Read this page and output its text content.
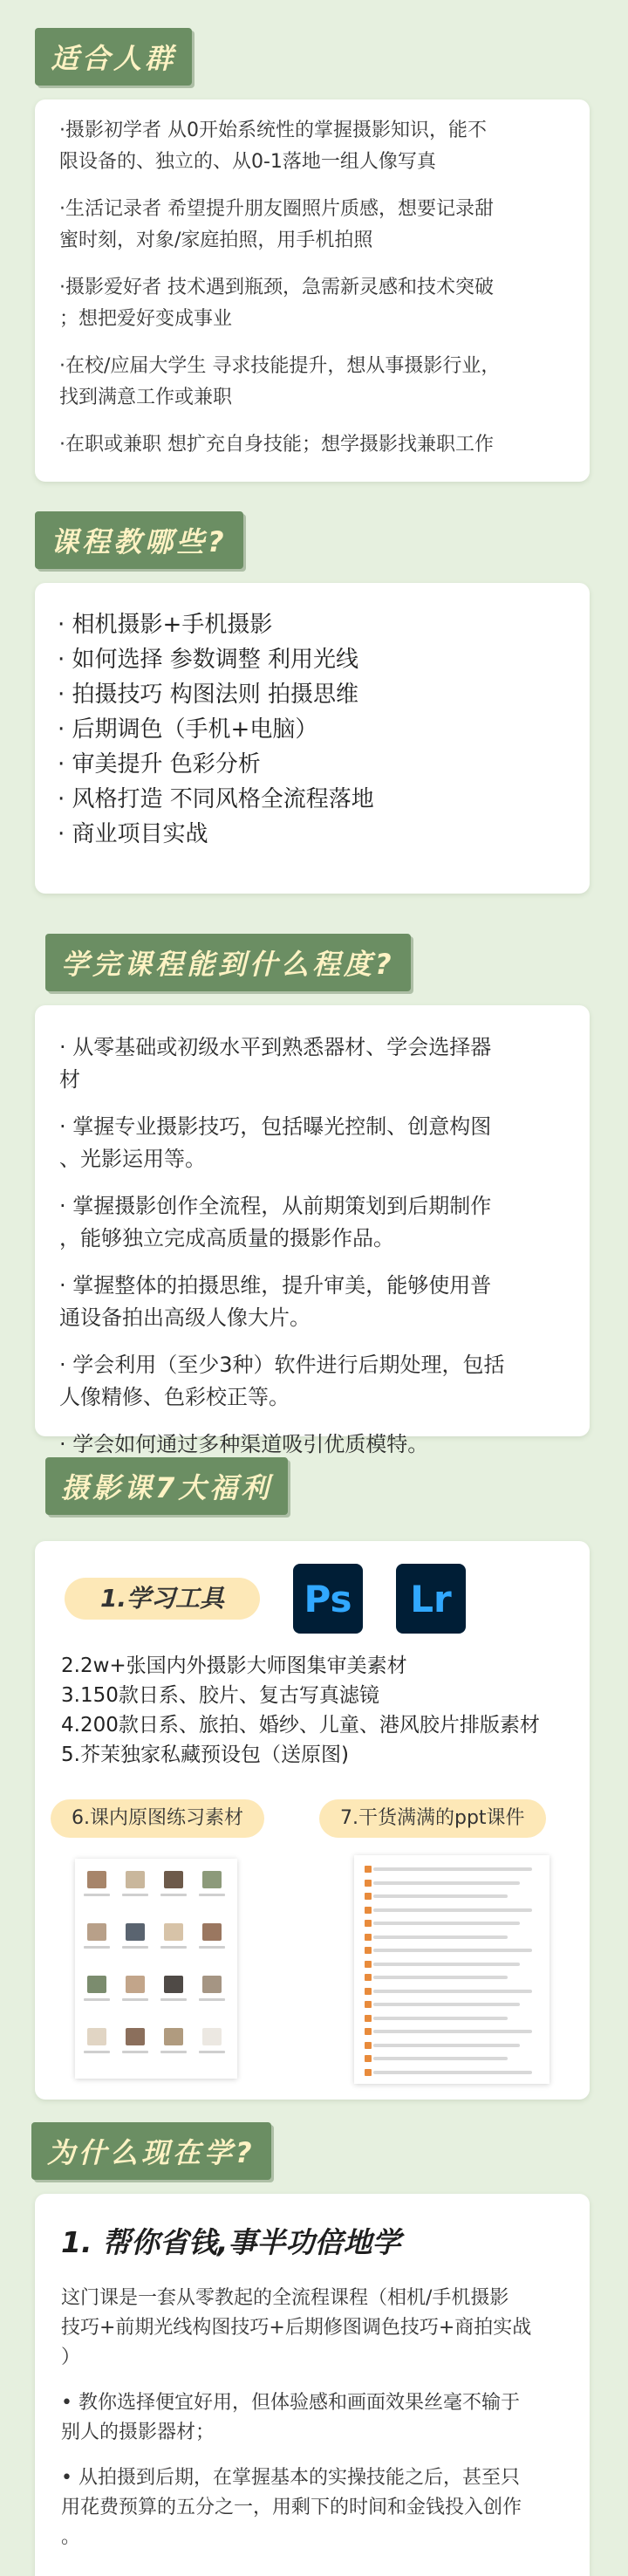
适合人群
·摄影初学者 从0开始系统性的掌握摄影知识，能不
限设备的、独立的、从0-1落地一组人像写真
·生活记录者 希望提升朋友圈照片质感，想要记录甜
蜜时刻，对象/家庭拍照，用手机拍照
·摄影爱好者 技术遇到瓶颈，急需新灵感和技术突破
；想把爱好变成事业
·在校/应届大学生 寻求技能提升，想从事摄影行业，
找到满意工作或兼职
·在职或兼职 想扩充自身技能；想学摄影找兼职工作
课程教哪些?
· 相机摄影+手机摄影
· 如何选择 参数调整 利用光线
· 拍摄技巧 构图法则 拍摄思维
· 后期调色（手机+电脑）
· 审美提升 色彩分析
· 风格打造 不同风格全流程落地
· 商业项目实战
学完课程能到什么程度?
· 从零基础或初级水平到熟悉器材、学会选择器
材
· 掌握专业摄影技巧，包括曝光控制、创意构图
、光影运用等。
· 掌握摄影创作全流程，从前期策划到后期制作
，能够独立完成高质量的摄影作品。
· 掌握整体的拍摄思维，提升审美，能够使用普
通设备拍出高级人像大片。
· 学会利用（至少3种）软件进行后期处理，包括
人像精修、色彩校正等。
· 学会如何通过多种渠道吸引优质模特。
摄影课7大福利
1.学习工具	Ps	Lr
2.2w+张国内外摄影大师图集审美素材
3.150款日系、胶片、复古写真滤镜
4.200款日系、旅拍、婚纱、儿童、港风胶片排版素材
5.芥茉独家私藏预设包（送原图)
6.课内原图练习素材	7.干货满满的ppt课件
为什么现在学?
1. 帮你省钱,事半功倍地学
这门课是一套从零教起的全流程课程（相机/手机摄影
技巧+前期光线构图技巧+后期修图调色技巧+商拍实战
）
• 教你选择便宜好用，但体验感和画面效果丝毫不输于
别人的摄影器材；
• 从拍摄到后期，在掌握基本的实操技能之后，甚至只
用花费预算的五分之一，用剩下的时间和金钱投入创作
。
